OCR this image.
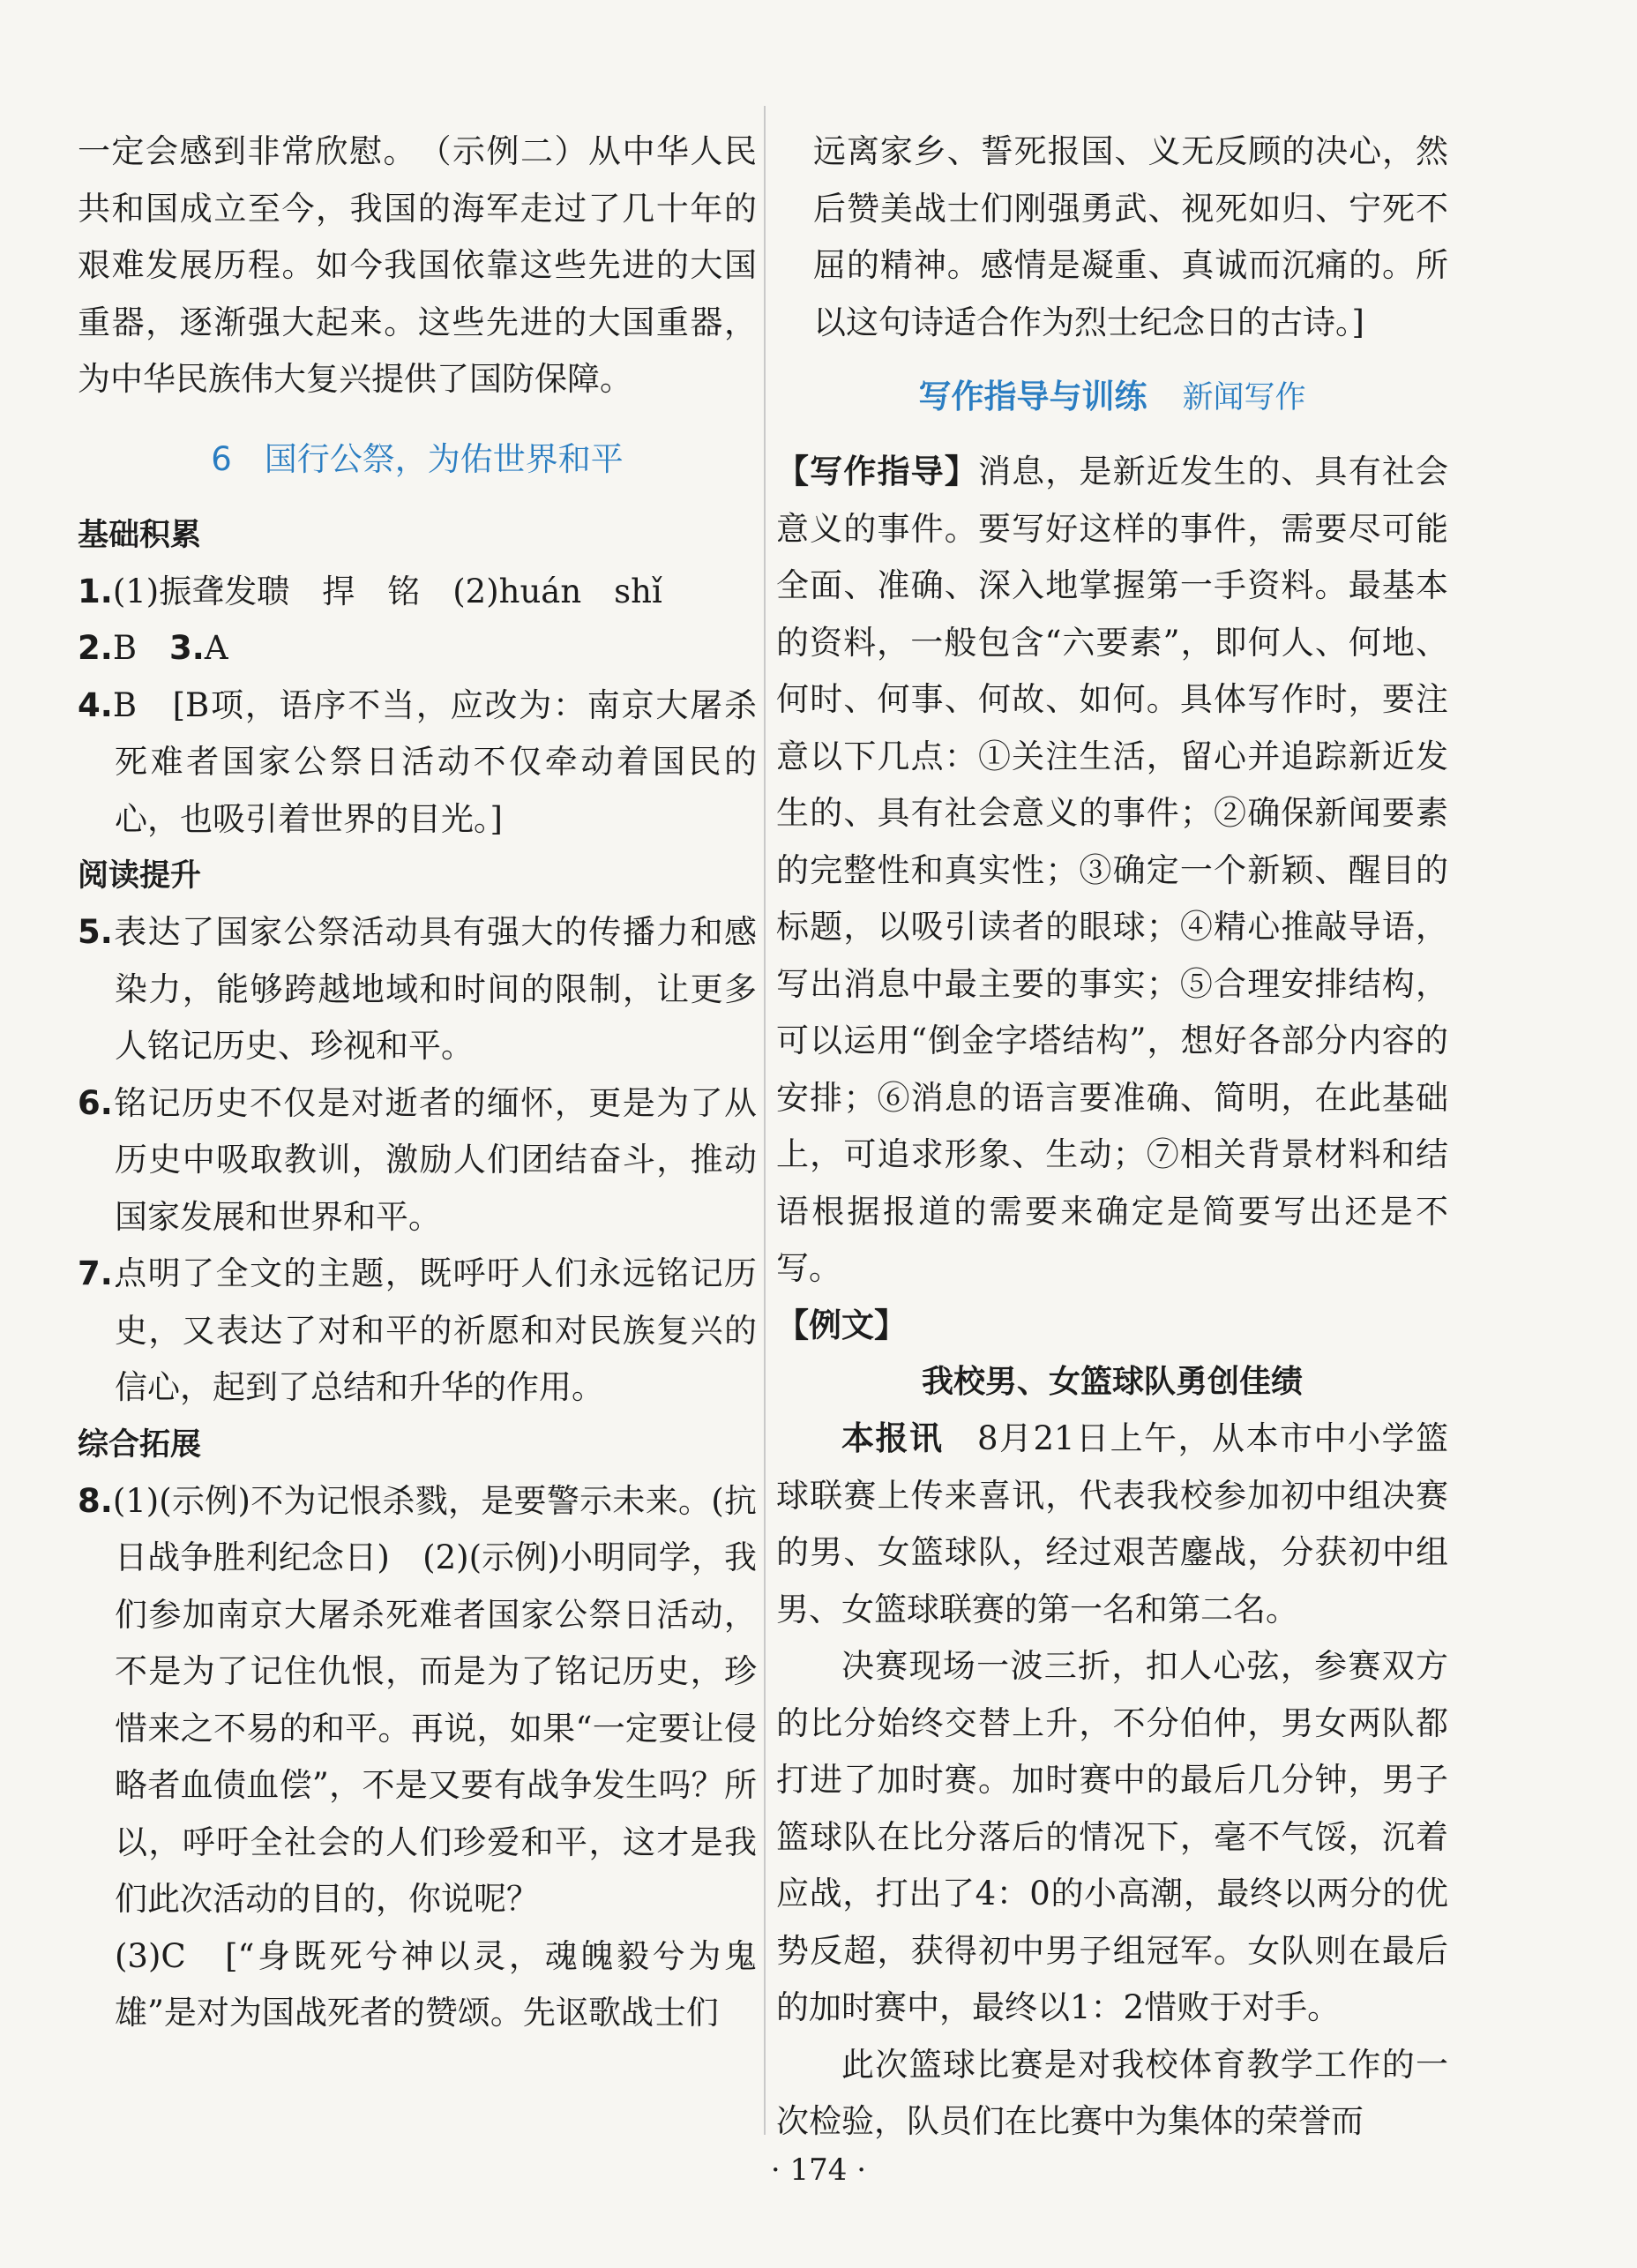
一定会感到非常欣慰。　（示例二）从中华人民共和国成立至今，我国的海军走过了几十年的艰难发展历程。如今我国依靠这些先进的大国重器，逐渐强大起来。这些先进的大国重器，为中华民族伟大复兴提供了国防保障。

6　国行公祭，为佑世界和平

基础积累

1.(1)振聋发聩　捍　铭　(2)huán　shǐ

2.B　3.A

4.B　[B项，语序不当，应改为：南京大屠杀死难者国家公祭日活动不仅牵动着国民的心，也吸引着世界的目光。]

阅读提升

5.表达了国家公祭活动具有强大的传播力和感染力，能够跨越地域和时间的限制，让更多人铭记历史、珍视和平。

6.铭记历史不仅是对逝者的缅怀，更是为了从历史中吸取教训，激励人们团结奋斗，推动国家发展和世界和平。

7.点明了全文的主题，既呼吁人们永远铭记历史，又表达了对和平的祈愿和对民族复兴的信心，起到了总结和升华的作用。

综合拓展

8.(1)(示例)不为记恨杀戮，是要警示未来。(抗日战争胜利纪念日)　(2)(示例)小明同学，我们参加南京大屠杀死难者国家公祭日活动，不是为了记住仇恨，而是为了铭记历史，珍惜来之不易的和平。再说，如果“一定要让侵略者血债血偿”，不是又要有战争发生吗？所以，呼吁全社会的人们珍爱和平，这才是我们此次活动的目的，你说呢？

(3)C　[“身既死兮神以灵，魂魄毅兮为鬼雄”是对为国战死者的赞颂。先讴歌战士们

远离家乡、誓死报国、义无反顾的决心，然后赞美战士们刚强勇武、视死如归、宁死不屈的精神。感情是凝重、真诚而沉痛的。所以这句诗适合作为烈士纪念日的古诗。]

写作指导与训练 新闻写作

【写作指导】消息，是新近发生的、具有社会意义的事件。要写好这样的事件，需要尽可能全面、准确、深入地掌握第一手资料。最基本的资料，一般包含“六要素”，即何人、何地、何时、何事、何故、如何。具体写作时，要注意以下几点：①关注生活，留心并追踪新近发生的、具有社会意义的事件；②确保新闻要素的完整性和真实性；③确定一个新颖、醒目的标题，以吸引读者的眼球；④精心推敲导语，写出消息中最主要的事实；⑤合理安排结构，可以运用“倒金字塔结构”，想好各部分内容的安排；⑥消息的语言要准确、简明，在此基础上，可追求形象、生动；⑦相关背景材料和结语根据报道的需要来确定是简要写出还是不写。

【例文】

我校男、女篮球队勇创佳绩

本报讯　8月21日上午，从本市中小学篮球联赛上传来喜讯，代表我校参加初中组决赛的男、女篮球队，经过艰苦鏖战，分获初中组男、女篮球联赛的第一名和第二名。

决赛现场一波三折，扣人心弦，参赛双方的比分始终交替上升，不分伯仲，男女两队都打进了加时赛。加时赛中的最后几分钟，男子篮球队在比分落后的情况下，毫不气馁，沉着应战，打出了4：0的小高潮，最终以两分的优势反超，获得初中男子组冠军。女队则在最后的加时赛中，最终以1：2惜败于对手。

此次篮球比赛是对我校体育教学工作的一次检验，队员们在比赛中为集体的荣誉而

· 174 ·
